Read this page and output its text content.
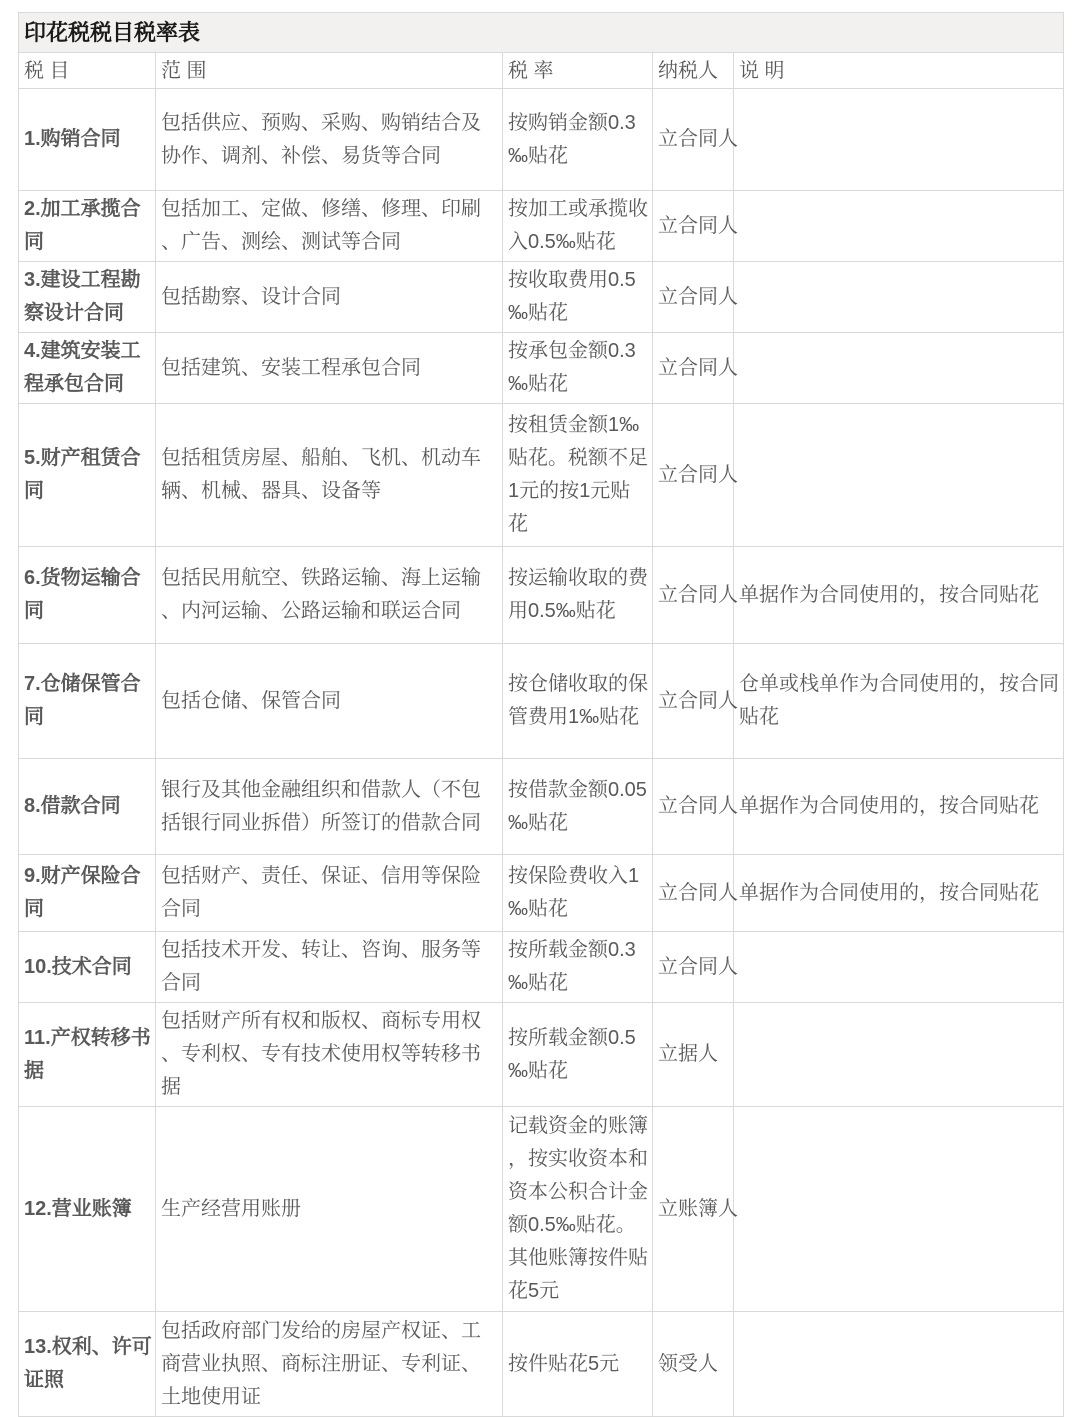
印花税税目税率表				
税 目	范 围	税 率	纳税人	说 明
1.购销合同	包括供应、预购、采购、购销结合及协作、调剂、补偿、易货等合同	按购销金额0.3‰贴花	立合同人	
2.加工承揽合同	包括加工、定做、修缮、修理、印刷、广告、测绘、测试等合同	按加工或承揽收入0.5‰贴花	立合同人	
3.建设工程勘察设计合同	包括勘察、设计合同	按收取费用0.5‰贴花	立合同人	
4.建筑安装工程承包合同	包括建筑、安装工程承包合同	按承包金额0.3‰贴花	立合同人	
5.财产租赁合同	包括租赁房屋、船舶、飞机、机动车辆、机械、器具、设备等	按租赁金额1‰贴花。税额不足1元的按1元贴花	立合同人	
6.货物运输合同	包括民用航空、铁路运输、海上运输、内河运输、公路运输和联运合同	按运输收取的费用0.5‰贴花	立合同人	单据作为合同使用的，按合同贴花
7.仓储保管合同	包括仓储、保管合同	按仓储收取的保管费用1‰贴花	立合同人	仓单或栈单作为合同使用的，按合同贴花
8.借款合同	银行及其他金融组织和借款人（不包括银行同业拆借）所签订的借款合同	按借款金额0.05‰贴花	立合同人	单据作为合同使用的，按合同贴花
9.财产保险合同	包括财产、责任、保证、信用等保险合同	按保险费收入1‰贴花	立合同人	单据作为合同使用的，按合同贴花
10.技术合同	包括技术开发、转让、咨询、服务等合同	按所载金额0.3‰贴花	立合同人	
11.产权转移书据	包括财产所有权和版权、商标专用权、专利权、专有技术使用权等转移书据	按所载金额0.5‰贴花	立据人	
12.营业账簿	生产经营用账册	记载资金的账簿，按实收资本和资本公积合计金额0.5‰贴花。其他账簿按件贴花5元	立账簿人	
13.权利、许可证照	包括政府部门发给的房屋产权证、工商营业执照、商标注册证、专利证、土地使用证	按件贴花5元	领受人	
